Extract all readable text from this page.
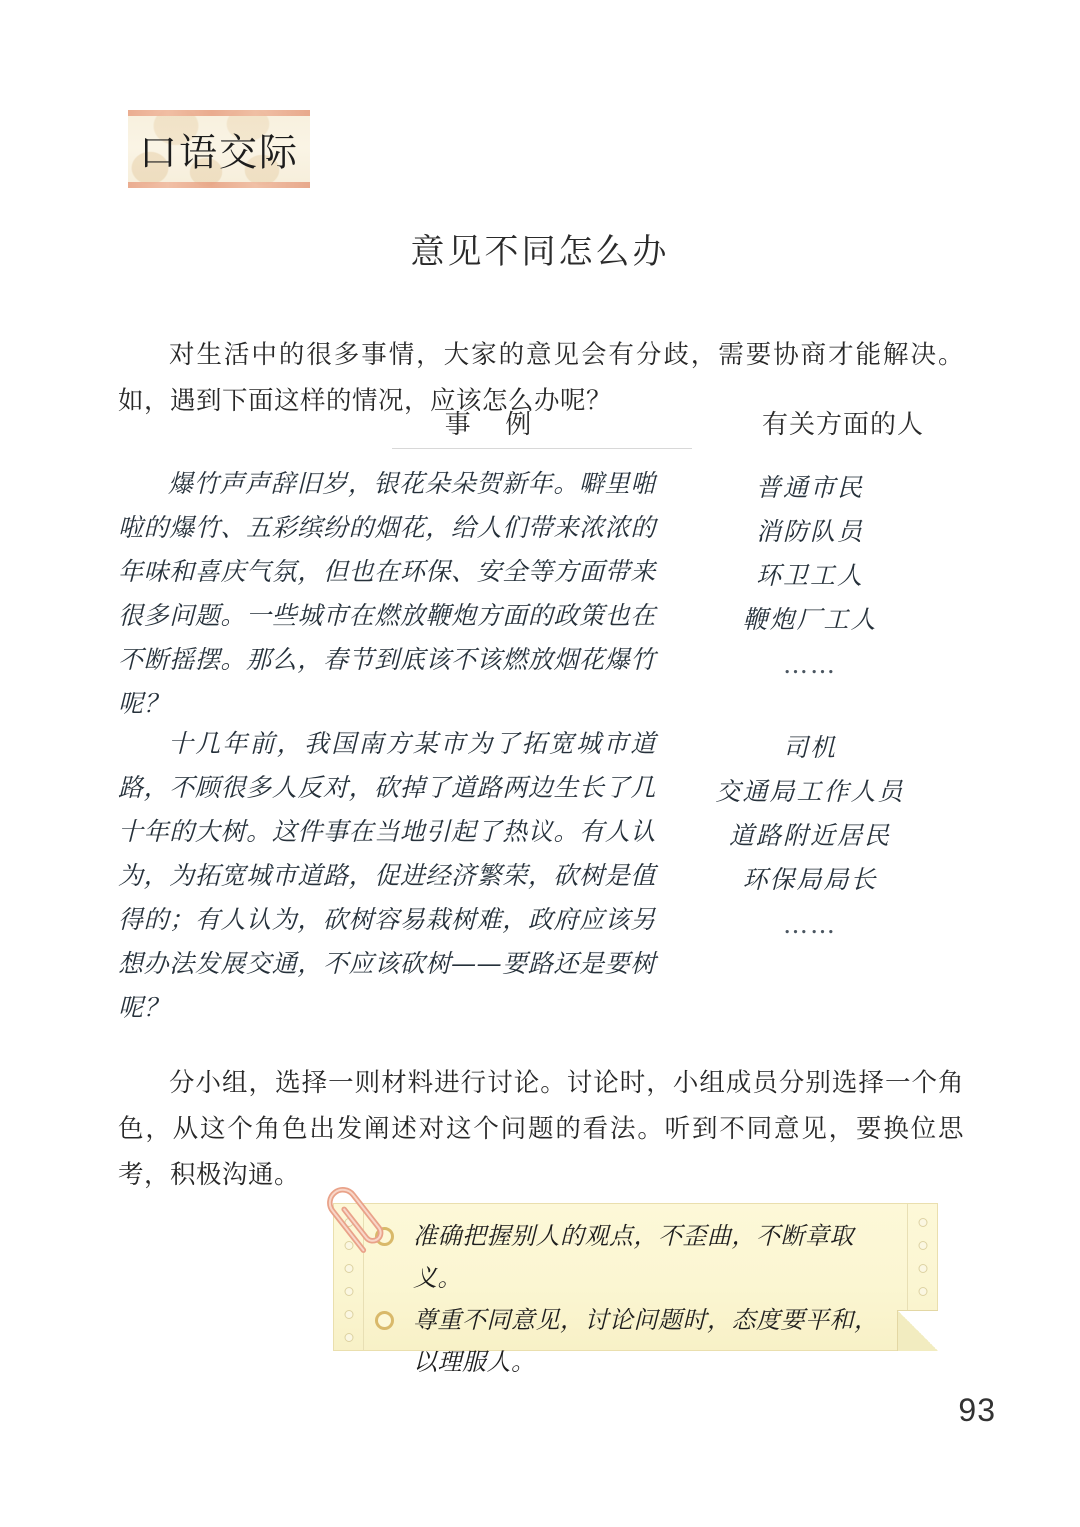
口语交际
意见不同怎么办

对生活中的很多事情，大家的意见会有分歧，需要协商才能解决。如，遇到下面这样的情况，应该怎么办呢？

事 例	有关方面的人
爆竹声声辞旧岁，银花朵朵贺新年。噼里啪啦的爆竹、五彩缤纷的烟花，给人们带来浓浓的年味和喜庆气氛，但也在环保、安全等方面带来很多问题。一些城市在燃放鞭炮方面的政策也在不断摇摆。那么，春节到底该不该燃放烟花爆竹呢？
普通市民
消防队员
环卫工人
鞭炮厂工人
……
十几年前，我国南方某市为了拓宽城市道路，不顾很多人反对，砍掉了道路两边生长了几十年的大树。这件事在当地引起了热议。有人认为，为拓宽城市道路，促进经济繁荣，砍树是值得的；有人认为，砍树容易栽树难，政府应该另想办法发展交通，不应该砍树——要路还是要树呢？
司机
交通局工作人员
道路附近居民
环保局局长
……

分小组，选择一则材料进行讨论。讨论时，小组成员分别选择一个角色，从这个角色出发阐述对这个问题的看法。听到不同意见，要换位思考，积极沟通。

准确把握别人的观点，不歪曲，不断章取义。
尊重不同意见，讨论问题时，态度要平和，以理服人。
93
